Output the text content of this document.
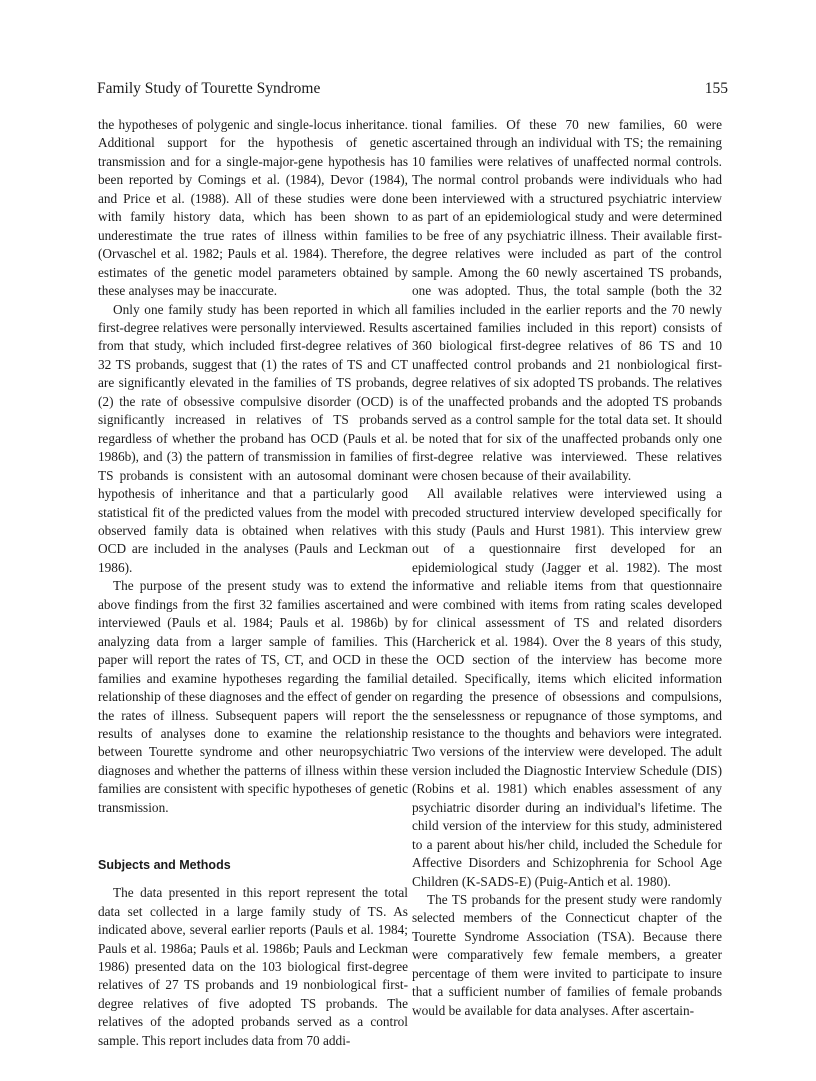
Family Study of Tourette Syndrome	155

the hypotheses of polygenic and single-locus inheritance. Additional support for the hypothesis of genetic transmission and for a single-major-gene hypothesis has been reported by Comings et al. (1984), Devor (1984), and Price et al. (1988). All of these studies were done with family history data, which has been shown to underestimate the true rates of illness within families (Orvaschel et al. 1982; Pauls et al. 1984). Therefore, the estimates of the genetic model parameters obtained by these analyses may be inaccurate.

Only one family study has been reported in which all first-degree relatives were personally interviewed. Results from that study, which included first-degree relatives of 32 TS probands, suggest that (1) the rates of TS and CT are significantly elevated in the families of TS probands, (2) the rate of obsessive compulsive disorder (OCD) is significantly increased in relatives of TS probands regardless of whether the proband has OCD (Pauls et al. 1986b), and (3) the pattern of transmission in families of TS probands is consistent with an autosomal dominant hypothesis of inheritance and that a particularly good statistical fit of the predicted values from the model with observed family data is obtained when relatives with OCD are included in the analyses (Pauls and Leckman 1986).

The purpose of the present study was to extend the above findings from the first 32 families ascertained and interviewed (Pauls et al. 1984; Pauls et al. 1986b) by analyzing data from a larger sample of families. This paper will report the rates of TS, CT, and OCD in these families and examine hypotheses regarding the familial relationship of these diagnoses and the effect of gender on the rates of illness. Subsequent papers will report the results of analyses done to examine the relationship between Tourette syndrome and other neuropsychiatric diagnoses and whether the patterns of illness within these families are consistent with specific hypotheses of genetic transmission.

Subjects and Methods

The data presented in this report represent the total data set collected in a large family study of TS. As indicated above, several earlier reports (Pauls et al. 1984; Pauls et al. 1986a; Pauls et al. 1986b; Pauls and Leckman 1986) presented data on the 103 biological first-degree relatives of 27 TS probands and 19 nonbiological first-degree relatives of five adopted TS probands. The relatives of the adopted probands served as a control sample. This report includes data from 70 addi-

tional families. Of these 70 new families, 60 were ascertained through an individual with TS; the remaining 10 families were relatives of unaffected normal controls. The normal control probands were individuals who had been interviewed with a structured psychiatric interview as part of an epidemiological study and were determined to be free of any psychiatric illness. Their available first-degree relatives were included as part of the control sample. Among the 60 newly ascertained TS probands, one was adopted. Thus, the total sample (both the 32 families included in the earlier reports and the 70 newly ascertained families included in this report) consists of 360 biological first-degree relatives of 86 TS and 10 unaffected control probands and 21 nonbiological first-degree relatives of six adopted TS probands. The relatives of the unaffected probands and the adopted TS probands served as a control sample for the total data set. It should be noted that for six of the unaffected probands only one first-degree relative was interviewed. These relatives were chosen because of their availability.

All available relatives were interviewed using a precoded structured interview developed specifically for this study (Pauls and Hurst 1981). This interview grew out of a questionnaire first developed for an epidemiological study (Jagger et al. 1982). The most informative and reliable items from that questionnaire were combined with items from rating scales developed for clinical assessment of TS and related disorders (Harcherick et al. 1984). Over the 8 years of this study, the OCD section of the interview has become more detailed. Specifically, items which elicited information regarding the presence of obsessions and compulsions, the senselessness or repugnance of those symptoms, and resistance to the thoughts and behaviors were integrated. Two versions of the interview were developed. The adult version included the Diagnostic Interview Schedule (DIS) (Robins et al. 1981) which enables assessment of any psychiatric disorder during an individual's lifetime. The child version of the interview for this study, administered to a parent about his/her child, included the Schedule for Affective Disorders and Schizophrenia for School Age Children (K-SADS-E) (Puig-Antich et al. 1980).

The TS probands for the present study were randomly selected members of the Connecticut chapter of the Tourette Syndrome Association (TSA). Because there were comparatively few female members, a greater percentage of them were invited to participate to insure that a sufficient number of families of female probands would be available for data analyses. After ascertain-
